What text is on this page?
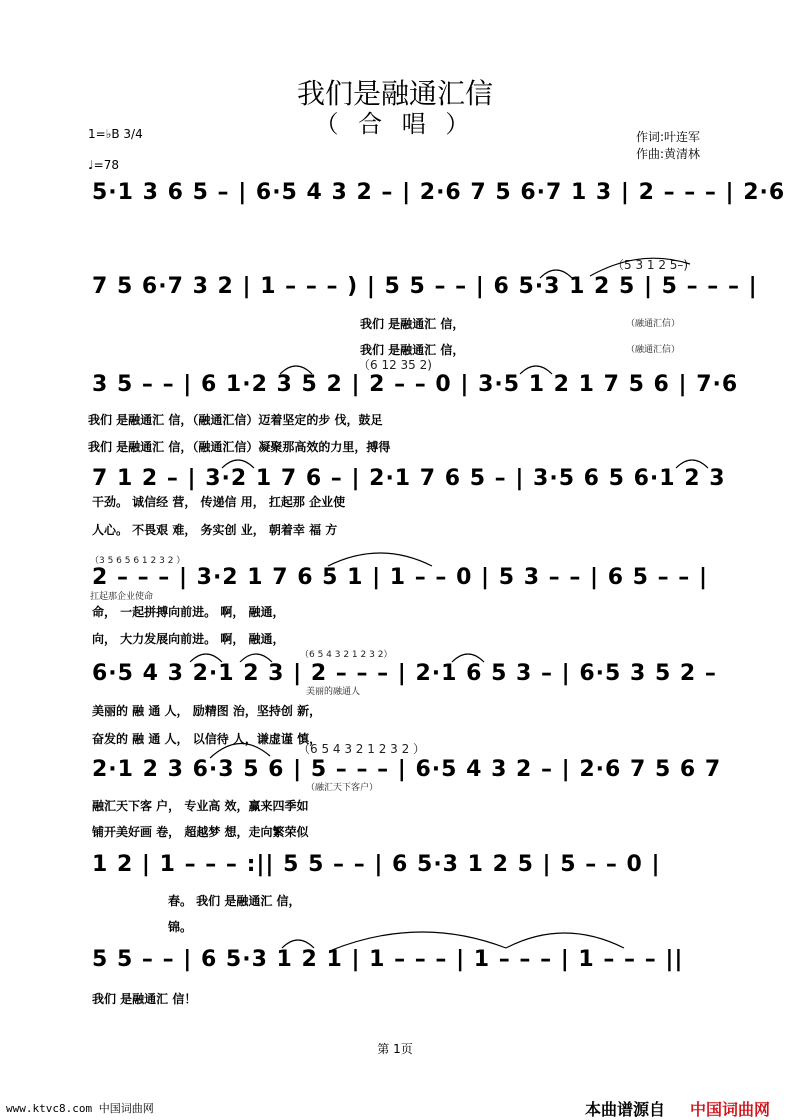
我们是融通汇信
（ 合 唱 ）
1=♭B 3/4
♩=78
作词:叶连军
作曲:黄清林
5·1 3 6 5 – | 6·5 4 3 2 – | 2·6 7 5 6·7 1 3 | 2 – – – | 2·6
（5 3 1 2 5–)
7 5 6·7 3 2 | 1 – – – ) | 5 5 – – | 6 5·3 1 2 5 | 5 – – – |
我们 是融通汇 信，	（融通汇信）
我们 是融通汇 信，	（融通汇信）
（6 12 35 2)
3 5 – – | 6 1·2 3 5 2 | 2 – – 0 | 3·5 1 2 1 7 5 6 | 7·6
我们 是融通汇 信，（融通汇信）迈着坚定的步 伐，鼓足
我们 是融通汇 信，（融通汇信）凝聚那高效的力里，搏得
7 1 2 – | 3·2 1 7 6 – | 2·1 7 6 5 – | 3·5 6 5 6·1 2 3
干劲。 诚信经 营， 传递信 用， 扛起那 企业使
人心。 不畏艰 难， 务实创 业， 朝着幸 福 方
（3 5 6 5 6 1 2 3 2 ）
2 – – – | 3·2 1 7 6 5 1 | 1 – – 0 | 5 3 – – | 6 5 – – |
扛起那企业使命
命， 一起拼搏向前进。 啊， 融通，
向， 大力发展向前进。 啊， 融通，
（6 5 4 3 2 1 2 3 2）
6·5 4 3 2·1 2 3 | 2 – – – | 2·1 6 5 3 – | 6·5 3 5 2 –
美丽的融通人
美丽的 融 通 人， 励精图 治，坚持创 新，
奋发的 融 通 人， 以信待 人，谦虚谨 慎，
（6 5 4 3 2 1 2 3 2 ）
2·1 2 3 6·3 5 6 | 5 – – – | 6·5 4 3 2 – | 2·6 7 5 6 7
（融汇天下客户）
融汇天下客 户， 专业高 效，赢来四季如
铺开美好画 卷， 超越梦 想，走向繁荣似
1 2 | 1 – – – :|| 5 5 – – | 6 5·3 1 2 5 | 5 – – 0 |
春。 我们 是融通汇 信，
锦。
5 5 – – | 6 5·3 1 2 1 | 1 – – – | 1 – – – | 1 – – – ||
我们 是融通汇 信！
第 1页
www.ktvc8.com 中国词曲网	本曲谱源自 中国词曲网
